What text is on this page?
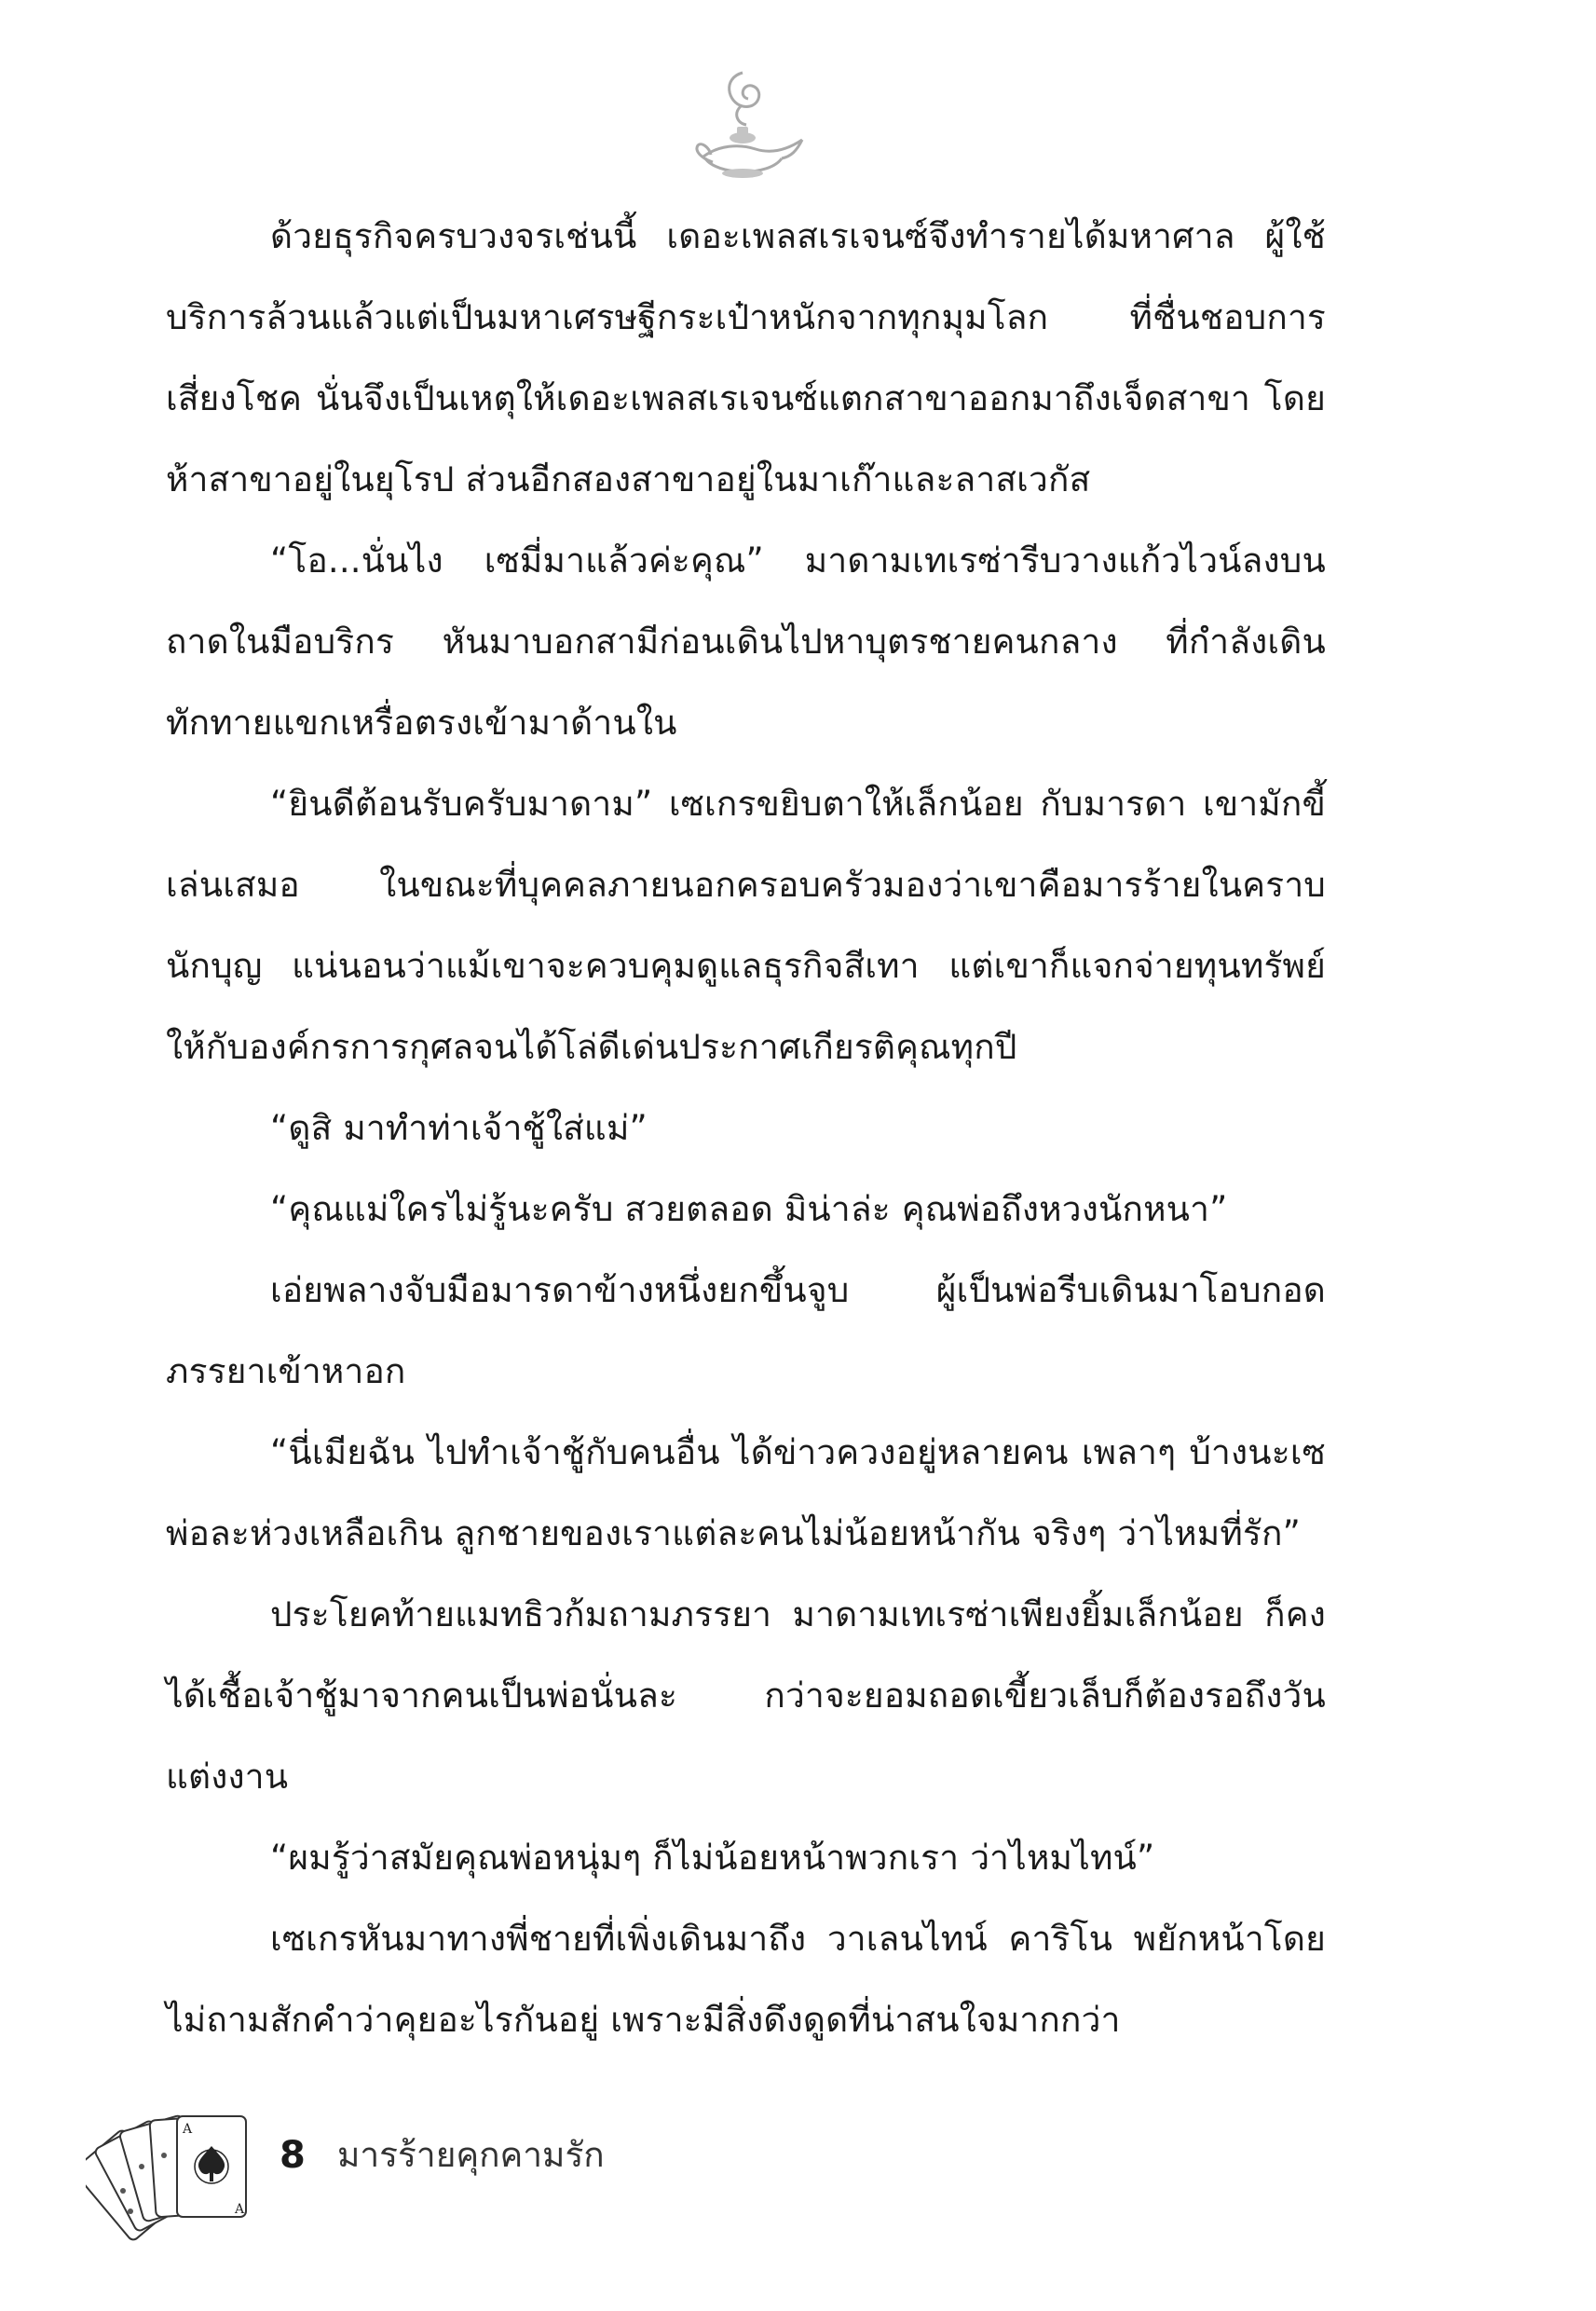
ด้วยธุรกิจครบวงจรเช่นนี้ เดอะเพลสเรเจนซ์จึงทำรายได้มหาศาล ผู้ใช้บริการล้วนแล้วแต่เป็นมหาเศรษฐีกระเป๋าหนักจากทุกมุมโลก ที่ชื่นชอบการเสี่ยงโชค นั่นจึงเป็นเหตุให้เดอะเพลสเรเจนซ์แตกสาขาออกมาถึงเจ็ดสาขา โดยห้าสาขาอยู่ในยุโรป ส่วนอีกสองสาขาอยู่ในมาเก๊าและลาสเวกัส

“โอ...นั่นไง เซมี่มาแล้วค่ะคุณ” มาดามเทเรซ่ารีบวางแก้วไวน์ลงบนถาดในมือบริกร หันมาบอกสามีก่อนเดินไปหาบุตรชายคนกลาง ที่กำลังเดินทักทายแขกเหรื่อตรงเข้ามาด้านใน

“ยินดีต้อนรับครับมาดาม” เซเกรขยิบตาให้เล็กน้อย กับมารดา เขามักขี้เล่นเสมอ ในขณะที่บุคคลภายนอกครอบครัวมองว่าเขาคือมารร้ายในคราบนักบุญ แน่นอนว่าแม้เขาจะควบคุมดูแลธุรกิจสีเทา แต่เขาก็แจกจ่ายทุนทรัพย์ให้กับองค์กรการกุศลจนได้โล่ดีเด่นประกาศเกียรติคุณทุกปี

“ดูสิ มาทำท่าเจ้าชู้ใส่แม่”

“คุณแม่ใครไม่รู้นะครับ สวยตลอด มิน่าล่ะ คุณพ่อถึงหวงนักหนา”

เอ่ยพลางจับมือมารดาข้างหนึ่งยกขึ้นจูบ ผู้เป็นพ่อรีบเดินมาโอบกอดภรรยาเข้าหาอก

“นี่เมียฉัน ไปทำเจ้าชู้กับคนอื่น ได้ข่าวควงอยู่หลายคน เพลาๆ บ้างนะเซ พ่อละห่วงเหลือเกิน ลูกชายของเราแต่ละคนไม่น้อยหน้ากัน จริงๆ ว่าไหมที่รัก”

ประโยคท้ายแมทธิวก้มถามภรรยา มาดามเทเรซ่าเพียงยิ้มเล็กน้อย ก็คงได้เชื้อเจ้าชู้มาจากคนเป็นพ่อนั่นละ กว่าจะยอมถอดเขี้ยวเล็บก็ต้องรอถึงวันแต่งงาน

“ผมรู้ว่าสมัยคุณพ่อหนุ่มๆ ก็ไม่น้อยหน้าพวกเรา ว่าไหมไทน์”

เซเกรหันมาทางพี่ชายที่เพิ่งเดินมาถึง วาเลนไทน์ คาริโน พยักหน้าโดยไม่ถามสักคำว่าคุยอะไรกันอยู่ เพราะมีสิ่งดึงดูดที่น่าสนใจมากกว่า

A
A
8 มารร้ายคุกคามรัก
